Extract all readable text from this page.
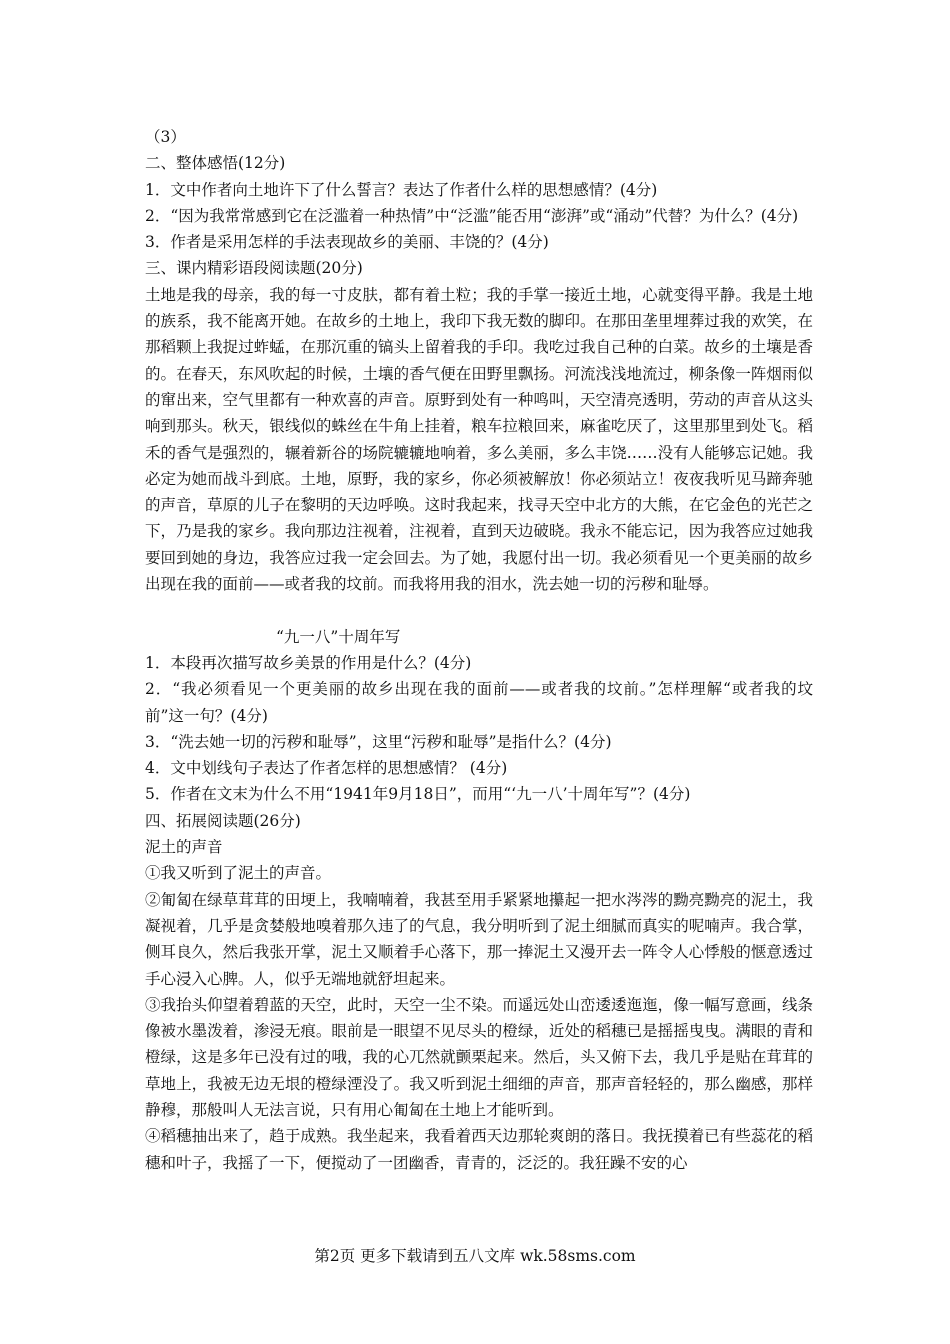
（3）
二、整体感悟(12分)
1．文中作者向土地许下了什么誓言？表达了作者什么样的思想感情？(4分)
2．“因为我常常感到它在泛滥着一种热情”中“泛滥”能否用“澎湃”或“涌动”代替？为什么？(4分)
3．作者是采用怎样的手法表现故乡的美丽、丰饶的？(4分)
三、课内精彩语段阅读题(20分)
土地是我的母亲，我的每一寸皮肤，都有着土粒；我的手掌一接近土地，心就变得平静。我是土地的族系，我不能离开她。在故乡的土地上，我印下我无数的脚印。在那田垄里埋葬过我的欢笑，在那稻颗上我捉过蚱蜢，在那沉重的镐头上留着我的手印。我吃过我自己种的白菜。故乡的土壤是香的。在春天，东风吹起的时候，土壤的香气便在田野里飘扬。河流浅浅地流过，柳条像一阵烟雨似的窜出来，空气里都有一种欢喜的声音。原野到处有一种鸣叫，天空清亮透明，劳动的声音从这头响到那头。秋天，银线似的蛛丝在牛角上挂着，粮车拉粮回来，麻雀吃厌了，这里那里到处飞。稻禾的香气是强烈的，辗着新谷的场院辘辘地响着，多么美丽，多么丰饶……没有人能够忘记她。我必定为她而战斗到底。土地，原野，我的家乡，你必须被解放！你必须站立！夜夜我听见马蹄奔驰的声音，草原的儿子在黎明的天边呼唤。这时我起来，找寻天空中北方的大熊，在它金色的光芒之下，乃是我的家乡。我向那边注视着，注视着，直到天边破晓。我永不能忘记，因为我答应过她我要回到她的身边，我答应过我一定会回去。为了她，我愿付出一切。我必须看见一个更美丽的故乡出现在我的面前——或者我的坟前。而我将用我的泪水，洗去她一切的污秽和耻辱。
“九一八”十周年写
1．本段再次描写故乡美景的作用是什么？(4分)
2．“我必须看见一个更美丽的故乡出现在我的面前——或者我的坟前。”怎样理解“或者我的坟前”这一句？(4分)
3．“洗去她一切的污秽和耻辱”，这里“污秽和耻辱”是指什么？(4分)
4．文中划线句子表达了作者怎样的思想感情？ (4分)
5．作者在文末为什么不用“1941年9月18日”，而用“‘九一八’十周年写”？(4分)
四、拓展阅读题(26分)
泥土的声音
①我又听到了泥土的声音。
②匍匐在绿草茸茸的田埂上，我喃喃着，我甚至用手紧紧地攥起一把水涔涔的黝亮黝亮的泥土，我凝视着，几乎是贪婪般地嗅着那久违了的气息，我分明听到了泥土细腻而真实的呢喃声。我合掌，侧耳良久，然后我张开掌，泥土又顺着手心落下，那一捧泥土又漫开去一阵令人心悸般的惬意透过手心浸入心脾。人，似乎无端地就舒坦起来。
③我抬头仰望着碧蓝的天空，此时，天空一尘不染。而遥远处山峦逶逶迤迤，像一幅写意画，线条像被水墨泼着，渗浸无痕。眼前是一眼望不见尽头的橙绿，近处的稻穗已是摇摇曳曳。满眼的青和橙绿，这是多年已没有过的哦，我的心兀然就颤栗起来。然后，头又俯下去，我几乎是贴在茸茸的草地上，我被无边无垠的橙绿湮没了。我又听到泥土细细的声音，那声音轻轻的，那么幽感，那样静穆，那般叫人无法言说，只有用心匍匐在土地上才能听到。
④稻穗抽出来了，趋于成熟。我坐起来，我看着西天边那轮爽朗的落日。我抚摸着已有些蕊花的稻穗和叶子，我摇了一下，便搅动了一团幽香，青青的，泛泛的。我狂躁不安的心
第2页 更多下载请到五八文库 wk.58sms.com
